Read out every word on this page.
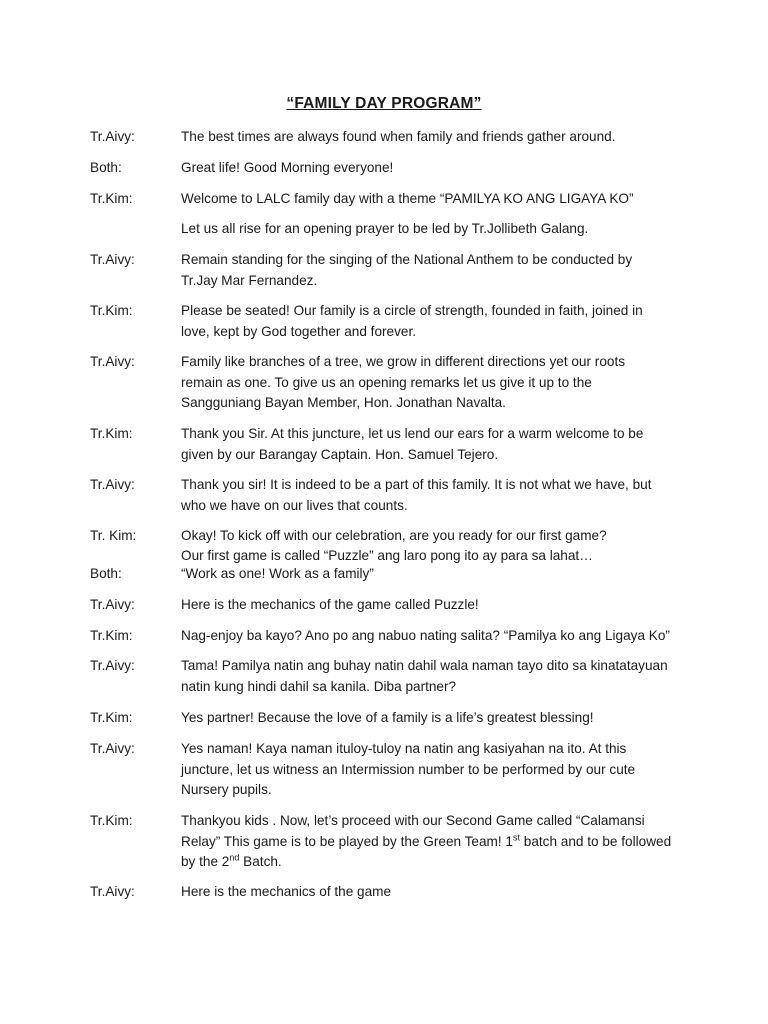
“FAMILY DAY PROGRAM”
Tr.Aivy:	The best times are always found when family and friends gather around.
Both:	Great life! Good Morning everyone!
Tr.Kim:	Welcome to LALC family day with a theme “PAMILYA KO ANG LIGAYA KO”
Let us all rise for an opening prayer to be led by Tr.Jollibeth Galang.
Tr.Aivy:	Remain standing for the singing of the National Anthem to be conducted by
Tr.Jay Mar Fernandez.
Tr.Kim:	Please be seated! Our family is a circle of strength, founded in faith, joined in
love, kept by God together and forever.
Tr.Aivy:	Family like branches of a tree, we grow in different directions yet our roots
remain as one. To give us an opening remarks let us give it up to the
Sangguniang Bayan Member, Hon. Jonathan Navalta.
Tr.Kim:	Thank you Sir. At this juncture, let us lend our ears for a warm welcome to be
given by our Barangay Captain. Hon. Samuel Tejero.
Tr.Aivy:	Thank you sir! It is indeed to be a part of this family. It is not what we have, but
who we have on our lives that counts.
Tr. Kim:	Okay! To kick off with our celebration, are you ready for our first game?
Our first game is called “Puzzle” ang laro pong ito ay para sa lahat…
Both:	“Work as one! Work as a family”
Tr.Aivy:	Here is the mechanics of the game called Puzzle!
Tr.Kim:	Nag-enjoy ba kayo? Ano po ang nabuo nating salita? “Pamilya ko ang Ligaya Ko”
Tr.Aivy:	Tama! Pamilya natin ang buhay natin dahil wala naman tayo dito sa kinatatayuan
natin kung hindi dahil sa kanila. Diba partner?
Tr.Kim:	Yes partner! Because the love of a family is a life’s greatest blessing!
Tr.Aivy:	Yes naman! Kaya naman ituloy-tuloy na natin ang kasiyahan na ito. At this
juncture, let us witness an Intermission number to be performed by our cute
Nursery pupils.
Tr.Kim:	Thankyou kids . Now, let’s proceed with our Second Game called “Calamansi
Relay” This game is to be played by the Green Team! 1st batch and to be followed
by the 2nd Batch.
Tr.Aivy:	Here is the mechanics of the game
